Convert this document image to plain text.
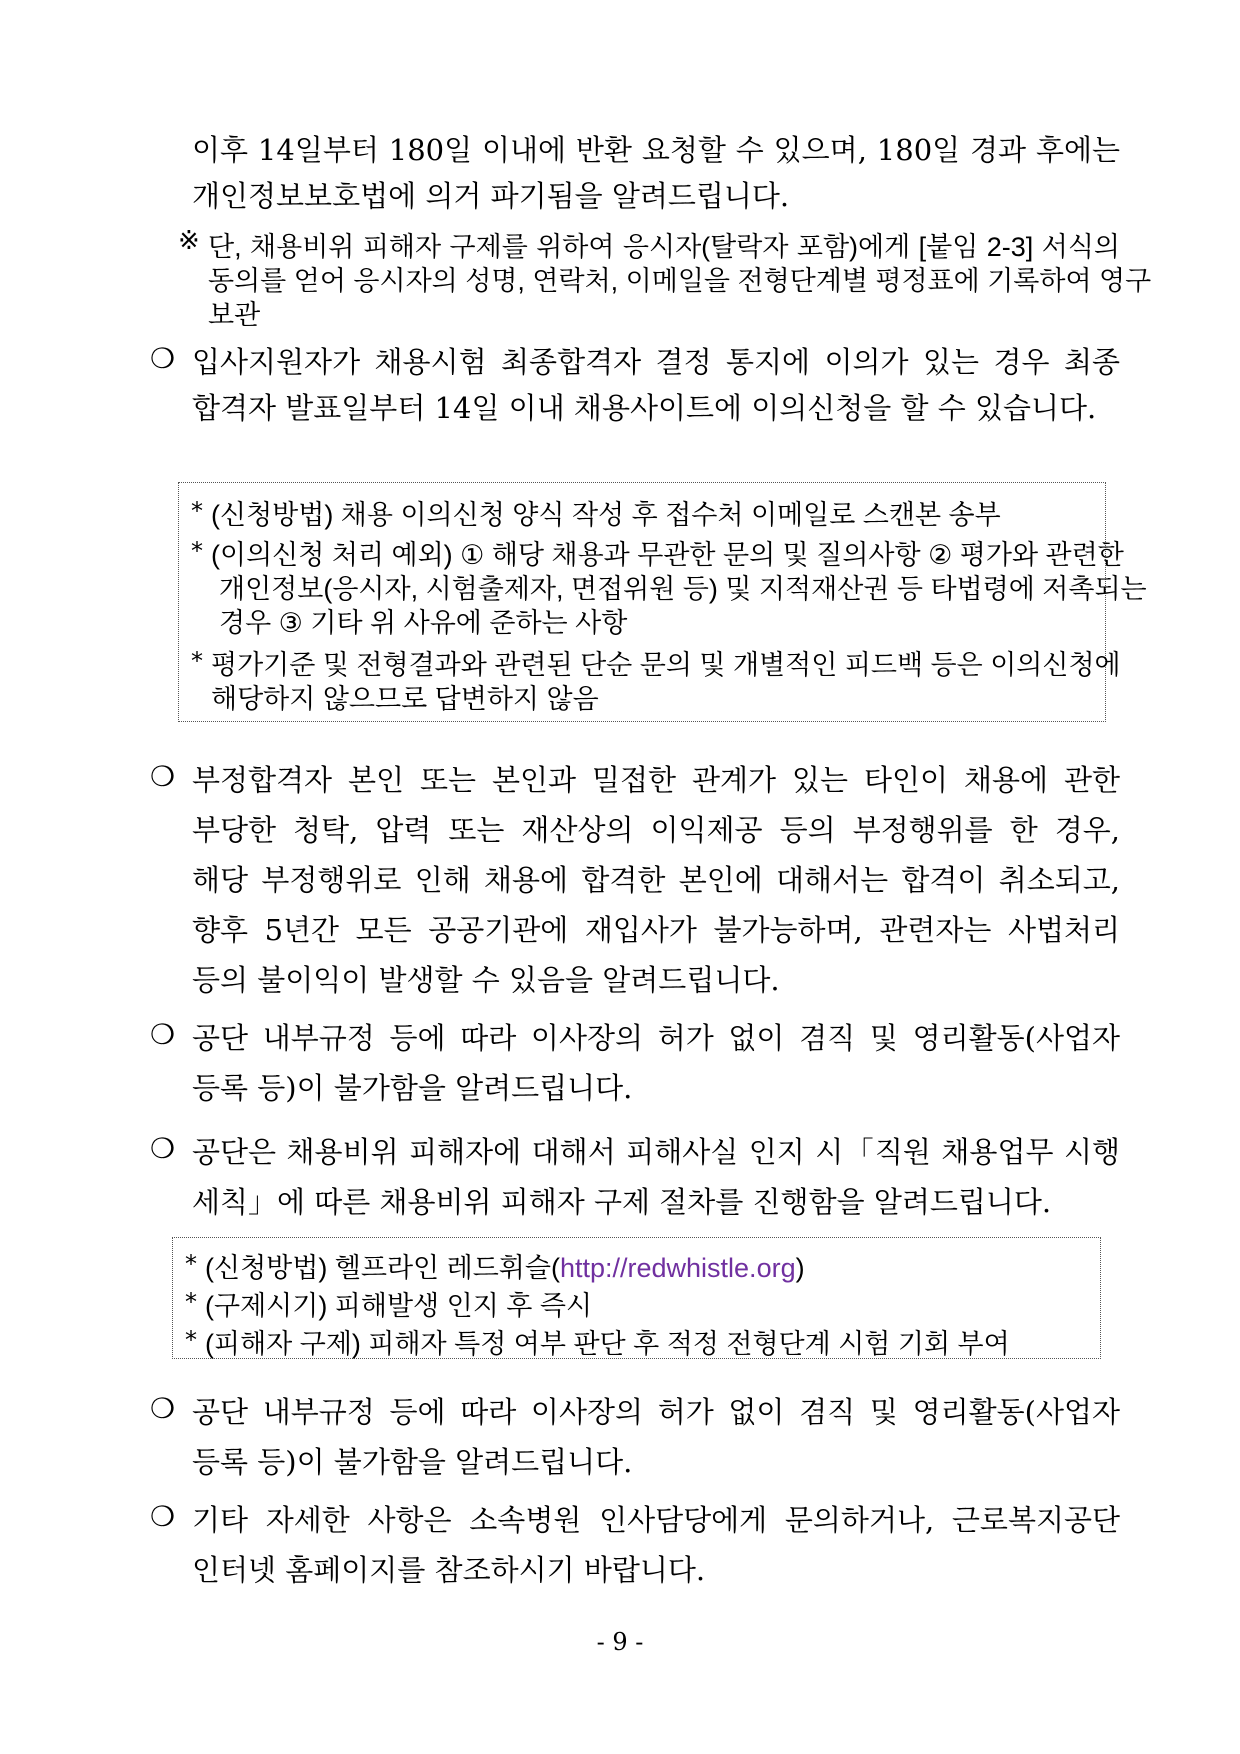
이후 14일부터 180일 이내에 반환 요청할 수 있으며, 180일 경과 후에는
개인정보보호법에 의거 파기됨을 알려드립니다.
※ 단, 채용비위 피해자 구제를 위하여 응시자(탈락자 포함)에게 [붙임 2-3] 서식의
동의를 얻어 응시자의 성명, 연락처, 이메일을 전형단계별 평정표에 기록하여 영구
보관
❍ 입사지원자가 채용시험 최종합격자 결정 통지에 이의가 있는 경우 최종
합격자 발표일부터 14일 이내 채용사이트에 이의신청을 할 수 있습니다.
* (신청방법) 채용 이의신청 양식 작성 후 접수처 이메일로 스캔본 송부
* (이의신청 처리 예외) ① 해당 채용과 무관한 문의 및 질의사항 ② 평가와 관련한
개인정보(응시자, 시험출제자, 면접위원 등) 및 지적재산권 등 타법령에 저촉되는
경우 ③ 기타 위 사유에 준하는 사항
* 평가기준 및 전형결과와 관련된 단순 문의 및 개별적인 피드백 등은 이의신청에
해당하지 않으므로 답변하지 않음
❍ 부정합격자 본인 또는 본인과 밀접한 관계가 있는 타인이 채용에 관한
부당한 청탁, 압력 또는 재산상의 이익제공 등의 부정행위를 한 경우,
해당 부정행위로 인해 채용에 합격한 본인에 대해서는 합격이 취소되고,
향후 5년간 모든 공공기관에 재입사가 불가능하며, 관련자는 사법처리
등의 불이익이 발생할 수 있음을 알려드립니다.
❍ 공단 내부규정 등에 따라 이사장의 허가 없이 겸직 및 영리활동(사업자
등록 등)이 불가함을 알려드립니다.
❍ 공단은 채용비위 피해자에 대해서 피해사실 인지 시「직원 채용업무 시행
세칙」에 따른 채용비위 피해자 구제 절차를 진행함을 알려드립니다.
* (신청방법) 헬프라인 레드휘슬(http://redwhistle.org)
* (구제시기) 피해발생 인지 후 즉시
* (피해자 구제) 피해자 특정 여부 판단 후 적정 전형단계 시험 기회 부여
❍ 공단 내부규정 등에 따라 이사장의 허가 없이 겸직 및 영리활동(사업자
등록 등)이 불가함을 알려드립니다.
❍ 기타 자세한 사항은 소속병원 인사담당에게 문의하거나, 근로복지공단
인터넷 홈페이지를 참조하시기 바랍니다.
- 9 -
